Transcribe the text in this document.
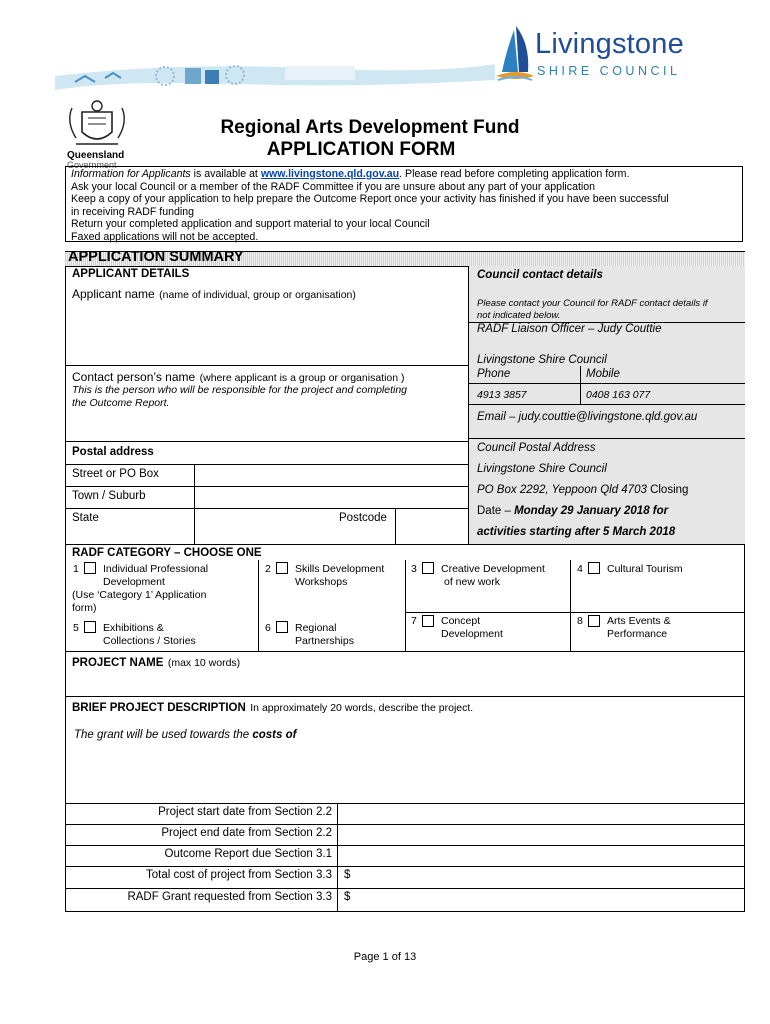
Livingstone
SHIRE COUNCIL
Queensland
Government
Regional Arts Development Fund
APPLICATION FORM
Information for Applicants is available at www.livingstone.qld.gov.au. Please read before completing application form.
Ask your local Council or a member of the RADF Committee if you are unsure about any part of your application
Keep a copy of your application to help prepare the Outcome Report once your activity has finished if you have been successful
in receiving RADF funding
Return your completed application and support material to your local Council
Faxed applications will not be accepted.
APPLICATION SUMMARY
APPLICANT DETAILS
Applicant name (name of individual, group or organisation)
Contact person’s name (where applicant is a group or organisation )
This is the person who will be responsible for the project and completing
the Outcome Report.
Postal address
Street or PO Box
Town / Suburb
State	Postcode
Council contact details
Please contact your Council for RADF contact details if
not indicated below.
RADF Liaison Officer – Judy Couttie
Livingstone Shire Council
Phone	Mobile
4913 3857	0408 163 077
Email – judy.couttie@livingstone.qld.gov.au
Council Postal Address
Livingstone Shire Council
PO Box 2292, Yeppoon Qld 4703 Closing
Date – Monday 29 January 2018 for
activities starting after 5 March 2018
RADF CATEGORY – CHOOSE ONE
1 Individual Professional
Development
(Use ‘Category 1’ Application
form)
2 Skills Development
Workshops
3 Creative Development
of new work
4 Cultural Tourism
5 Exhibitions &
Collections / Stories
6 Regional
Partnerships
7 Concept
Development
8 Arts Events &
Performance
PROJECT NAME (max 10 words)
BRIEF PROJECT DESCRIPTION In approximately 20 words, describe the project.
The grant will be used towards the costs of
Project start date from Section 2.2
Project end date from Section 2.2
Outcome Report due Section 3.1
Total cost of project from Section 3.3 $
RADF Grant requested from Section 3.3 $
Page 1 of 13
